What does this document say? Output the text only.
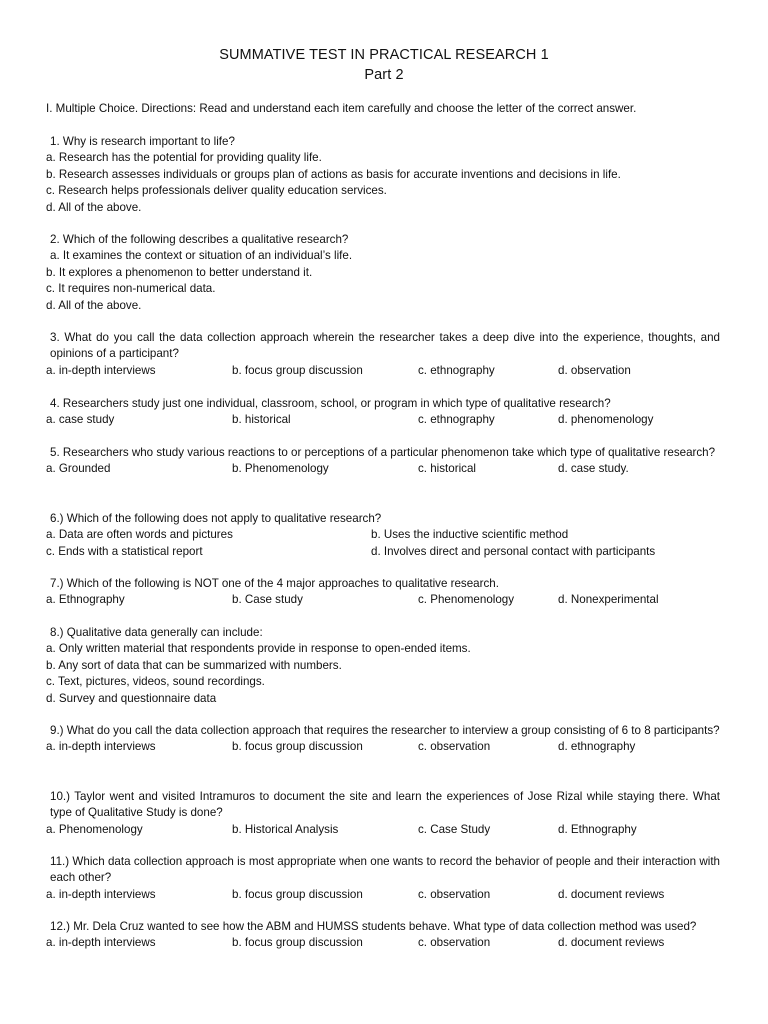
SUMMATIVE TEST IN PRACTICAL RESEARCH 1
Part 2
I. Multiple Choice. Directions: Read and understand each item carefully and choose the letter of the correct answer.
1. Why is research important to life?
a. Research has the potential for providing quality life.
b. Research assesses individuals or groups plan of actions as basis for accurate inventions and decisions in life.
c. Research helps professionals deliver quality education services.
d. All of the above.
2. Which of the following describes a qualitative research?
a. It examines the context or situation of an individual’s life.
b. It explores a phenomenon to better understand it.
c. It requires non-numerical data.
d. All of the above.
3. What do you call the data collection approach wherein the researcher takes a deep dive into the experience, thoughts, and opinions of a participant?
a. in-depth interviews	b. focus group discussion	c. ethnography	d. observation
4. Researchers study just one individual, classroom, school, or program in which type of qualitative research?
a. case study	b. historical	c. ethnography	d. phenomenology
5. Researchers who study various reactions to or perceptions of a particular phenomenon take which type of qualitative research?
a. Grounded	b. Phenomenology	c. historical	d. case study.
6.) Which of the following does not apply to qualitative research?
a. Data are often words and pictures	b. Uses the inductive scientific method
c. Ends with a statistical report	d. Involves direct and personal contact with participants
7.) Which of the following is NOT one of the 4 major approaches to qualitative research.
a. Ethnography	b. Case study	c. Phenomenology	d. Nonexperimental
8.) Qualitative data generally can include:
a. Only written material that respondents provide in response to open-ended items.
b. Any sort of data that can be summarized with numbers.
c. Text, pictures, videos, sound recordings.
d. Survey and questionnaire data
9.) What do you call the data collection approach that requires the researcher to interview a group consisting of 6 to 8 participants?
a. in-depth interviews	b. focus group discussion	c. observation	d. ethnography
10.) Taylor went and visited Intramuros to document the site and learn the experiences of Jose Rizal while staying there. What type of Qualitative Study is done?
a. Phenomenology	b. Historical Analysis	c. Case Study	d. Ethnography
11.) Which data collection approach is most appropriate when one wants to record the behavior of people and their interaction with each other?
a. in-depth interviews	b. focus group discussion	c. observation	d. document reviews
12.) Mr. Dela Cruz wanted to see how the ABM and HUMSS students behave. What type of data collection method was used?
a. in-depth interviews	b. focus group discussion	c. observation	d. document reviews
